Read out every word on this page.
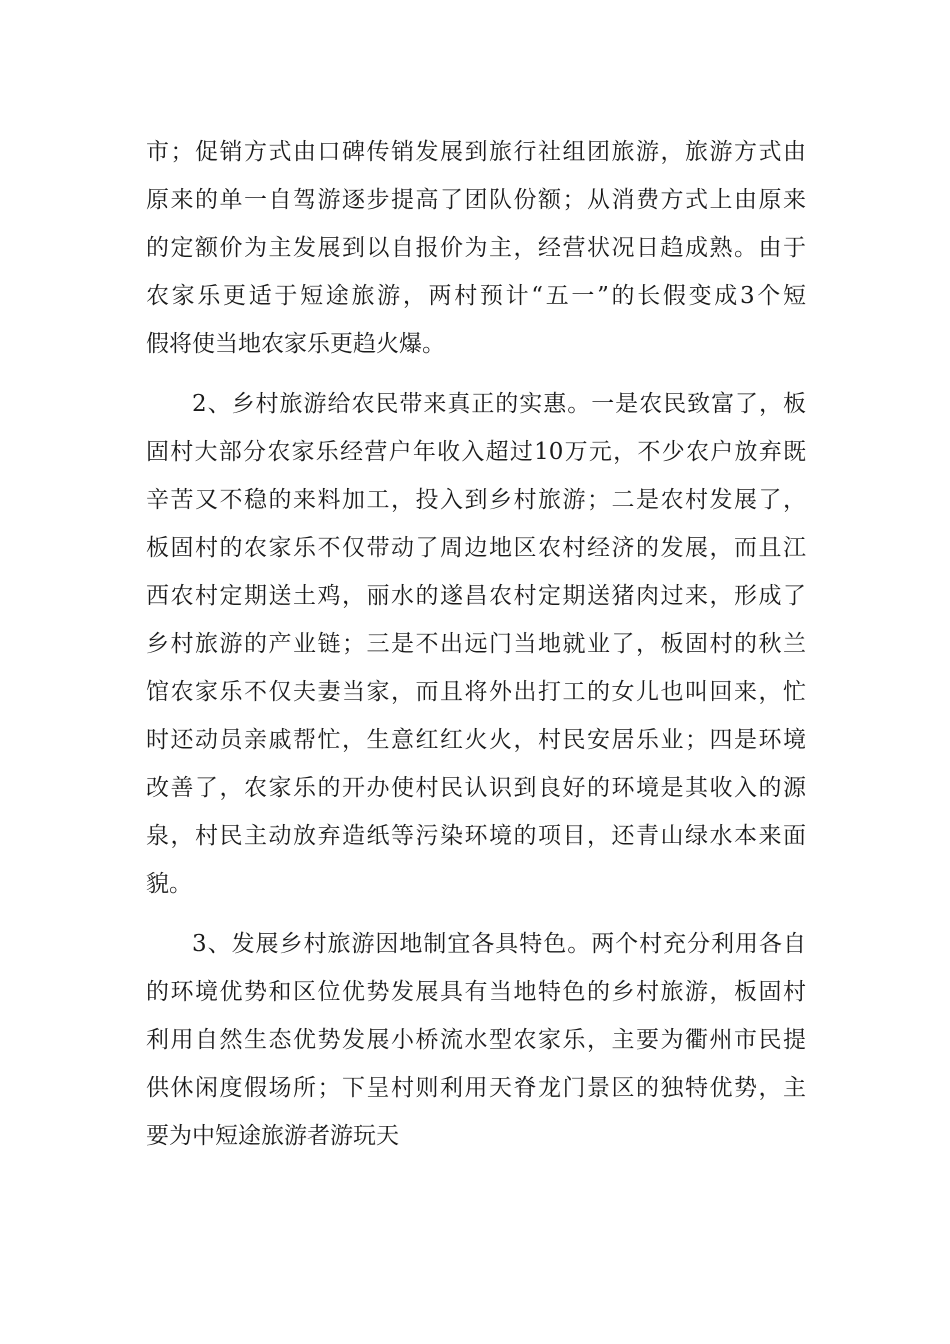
市；促销方式由口碑传销发展到旅行社组团旅游，旅游方式由
原来的单一自驾游逐步提高了团队份额；从消费方式上由原来
的定额价为主发展到以自报价为主，经营状况日趋成熟。由于
农家乐更适于短途旅游，两村预计“五一”的长假变成3个短
假将使当地农家乐更趋火爆。
2、乡村旅游给农民带来真正的实惠。一是农民致富了，板
固村大部分农家乐经营户年收入超过10万元，不少农户放弃既
辛苦又不稳的来料加工，投入到乡村旅游；二是农村发展了，
板固村的农家乐不仅带动了周边地区农村经济的发展，而且江
西农村定期送土鸡，丽水的遂昌农村定期送猪肉过来，形成了
乡村旅游的产业链；三是不出远门当地就业了，板固村的秋兰
馆农家乐不仅夫妻当家，而且将外出打工的女儿也叫回来，忙
时还动员亲戚帮忙，生意红红火火，村民安居乐业；四是环境
改善了，农家乐的开办使村民认识到良好的环境是其收入的源
泉，村民主动放弃造纸等污染环境的项目，还青山绿水本来面
貌。
3、发展乡村旅游因地制宜各具特色。两个村充分利用各自
的环境优势和区位优势发展具有当地特色的乡村旅游，板固村
利用自然生态优势发展小桥流水型农家乐，主要为衢州市民提
供休闲度假场所；下呈村则利用天脊龙门景区的独特优势，主
要为中短途旅游者游玩天
